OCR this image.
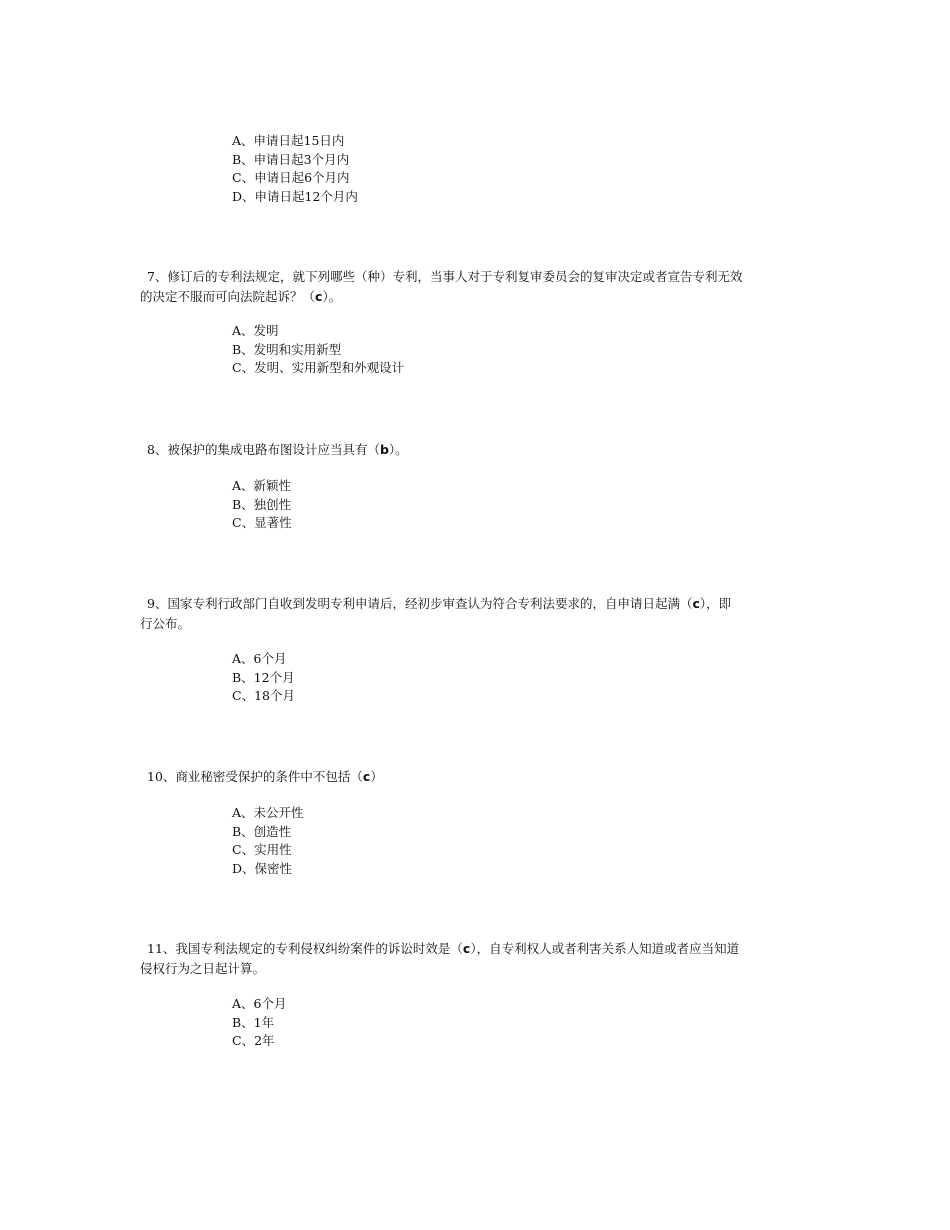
A、申请日起15日内
B、申请日起3个月内
C、申请日起6个月内
D、申请日起12个月内
7、修订后的专利法规定，就下列哪些（种）专利，当事人对于专利复审委员会的复审决定或者宣告专利无效
的决定不服而可向法院起诉？（c）。
A、发明
B、发明和实用新型
C、发明、实用新型和外观设计
8、被保护的集成电路布图设计应当具有（b）。
A、新颖性
B、独创性
C、显著性
9、国家专利行政部门自收到发明专利申请后，经初步审查认为符合专利法要求的，自申请日起满（c），即
行公布。
A、6个月
B、12个月
C、18个月
10、商业秘密受保护的条件中不包括（c）
A、未公开性
B、创造性
C、实用性
D、保密性
11、我国专利法规定的专利侵权纠纷案件的诉讼时效是（c），自专利权人或者利害关系人知道或者应当知道
侵权行为之日起计算。
A、6个月
B、1年
C、2年
